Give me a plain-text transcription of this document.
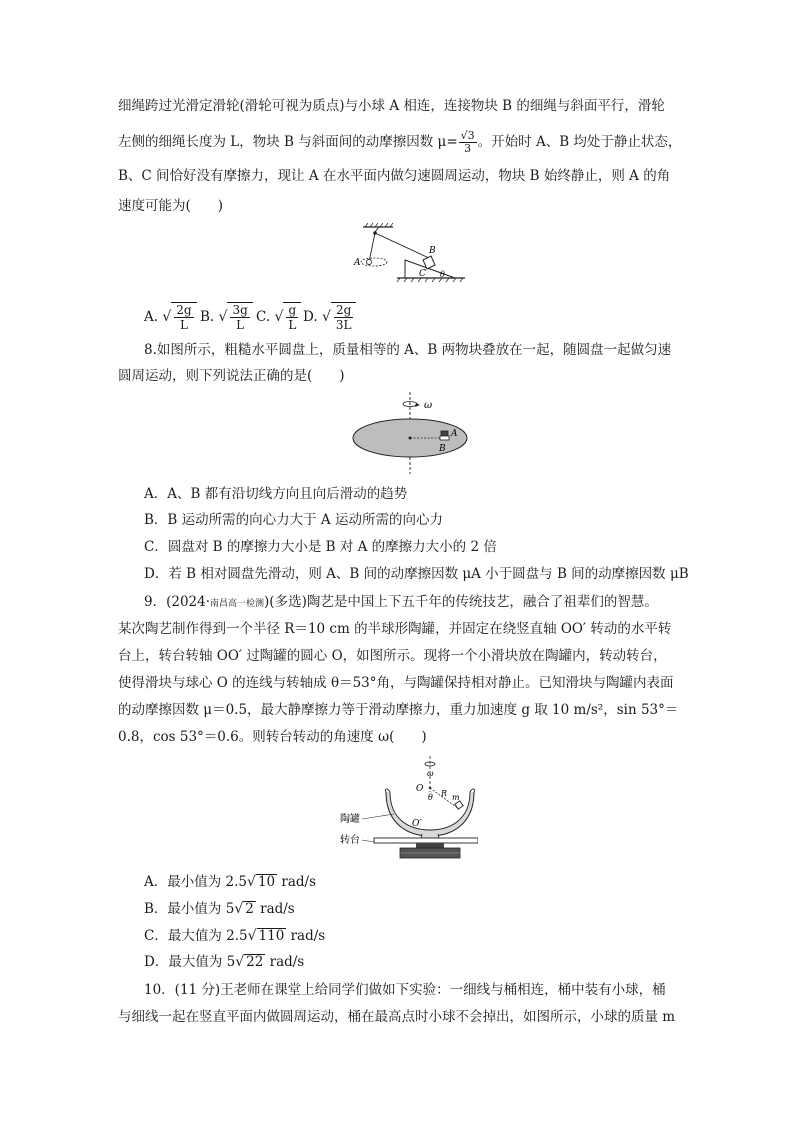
细绳跨过光滑定滑轮(滑轮可视为质点)与小球 A 相连，连接物块 B 的细绳与斜面平行，滑轮
左侧的细绳长度为 L，物块 B 与斜面间的动摩擦因数 $\mu= \frac{√3}{3}$ 。开始时 A、B 均处于静止状态，
B、C 间恰好没有摩擦力，现让 A 在水平面内做匀速圆周运动，物块 B 始终静止，则 A 的角
速度可能为(　　)
A
B
C θ
A. √ $\frac{2g}{L} B$. √ $\frac{3g}{L} C$. √ $\frac{g}{L} D$. √ $\frac{2g}{3L}$
8.如图所示，粗糙水平圆盘上，质量相等的 A、B 两物块叠放在一起，随圆盘一起做匀速
圆周运动，则下列说法正确的是(　　)
ω
A
B
A．A、B 都有沿切线方向且向后滑动的趋势
B．B 运动所需的向心力大于 A 运动所需的向心力
C．圆盘对 B 的摩擦力大小是 B 对 A 的摩擦力大小的 2 倍
D．若 B 相对圆盘先滑动，则 A、B 间的动摩擦因数 μA 小于圆盘与 B 间的动摩擦因数 μB
9．(2024·南昌高一检测)(多选)陶艺是中国上下五千年的传统技艺，融合了祖辈们的智慧。
某次陶艺制作得到一个半径 R＝10 cm 的半球形陶罐，并固定在绕竖直轴 OO′ 转动的水平转
台上，转台转轴 OO′ 过陶罐的圆心 O，如图所示。现将一个小滑块放在陶罐内，转动转台，
使得滑块与球心 O 的连线与转轴成 θ＝53°角，与陶罐保持相对静止。已知滑块与陶罐内表面
的动摩擦因数 μ＝0.5，最大静摩擦力等于滑动摩擦力，重力加速度 g 取 10 m/s²，sin 53°＝
0.8，cos 53°＝0.6。则转台转动的角速度 ω(　　)
ω
O R
θ m
O′
陶罐
转台
A．最小值为 2.5√ 10 rad/s
B．最小值为 5√ 2 rad/s
C．最大值为 2.5√ 110 rad/s
D．最大值为 5√ 22 rad/s
10．(11 分)王老师在课堂上给同学们做如下实验：一细线与桶相连，桶中装有小球，桶
与细线一起在竖直平面内做圆周运动，桶在最高点时小球不会掉出，如图所示，小球的质量 m
